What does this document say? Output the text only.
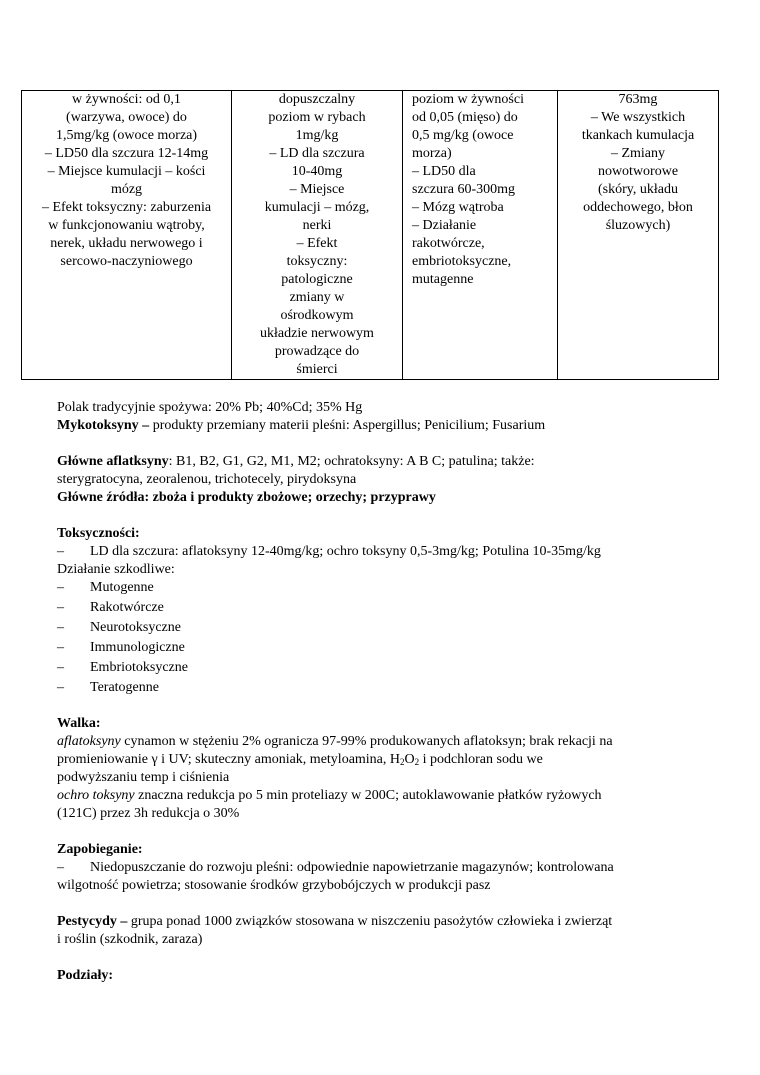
w żywności: od 0,1
(warzywa, owoce) do
1,5mg/kg (owoce morza)
– LD50 dla szczura 12-14mg
– Miejsce kumulacji – kości
mózg
– Efekt toksyczny: zaburzenia
w funkcjonowaniu wątroby,
nerek, układu nerwowego i
sercowo-naczyniowego

dopuszczalny
poziom w rybach
1mg/kg
– LD dla szczura
10-40mg
– Miejsce
kumulacji – mózg,
nerki
– Efekt
toksyczny:
patologiczne
zmiany w
ośrodkowym
układzie nerwowym
prowadzące do
śmierci

poziom w żywności
od 0,05 (mięso) do
0,5 mg/kg (owoce
morza)
– LD50 dla
szczura 60-300mg
– Mózg wątroba
– Działanie
rakotwórcze,
embriotoksyczne,
mutagenne

763mg
– We wszystkich
tkankach kumulacja
– Zmiany
nowotworowe
(skóry, układu
oddechowego, błon
śluzowych)
Polak tradycyjnie spożywa: 20% Pb; 40%Cd; 35% Hg
Mykotoksyny – produkty przemiany materii pleśni: Aspergillus; Penicilium; Fusarium
Główne aflatksyny: B1, B2, G1, G2, M1, M2; ochratoksyny: A B C; patulina; także:
sterygratocyna, zeoralenou, trichotecely, pirydoksyna
Główne źródła: zboża i produkty zbożowe; orzechy; przyprawy
Toksyczności:
– LD dla szczura: aflatoksyny 12-40mg/kg; ochro toksyny 0,5-3mg/kg; Potulina 10-35mg/kg
Działanie szkodliwe:
– Mutogenne
– Rakotwórcze
– Neurotoksyczne
– Immunologiczne
– Embriotoksyczne
– Teratogenne
Walka:
aflatoksyny cynamon w stężeniu 2% ogranicza 97-99% produkowanych aflatoksyn; brak rekacji na
promieniowanie γ i UV; skuteczny amoniak, metyloamina, $H_2O_2$ i podchloran sodu we
podwyższaniu temp i ciśnienia
ochro toksyny znaczna redukcja po 5 min proteliazy w 200C; autoklawowanie płatków ryżowych
(121C) przez 3h redukcja o 30%
Zapobieganie:
– Niedopuszczanie do rozwoju pleśni: odpowiednie napowietrzanie magazynów; kontrolowana
wilgotność powietrza; stosowanie środków grzybobójczych w produkcji pasz
Pestycydy – grupa ponad 1000 związków stosowana w niszczeniu pasożytów człowieka i zwierząt
i roślin (szkodnik, zaraza)
Podziały:
